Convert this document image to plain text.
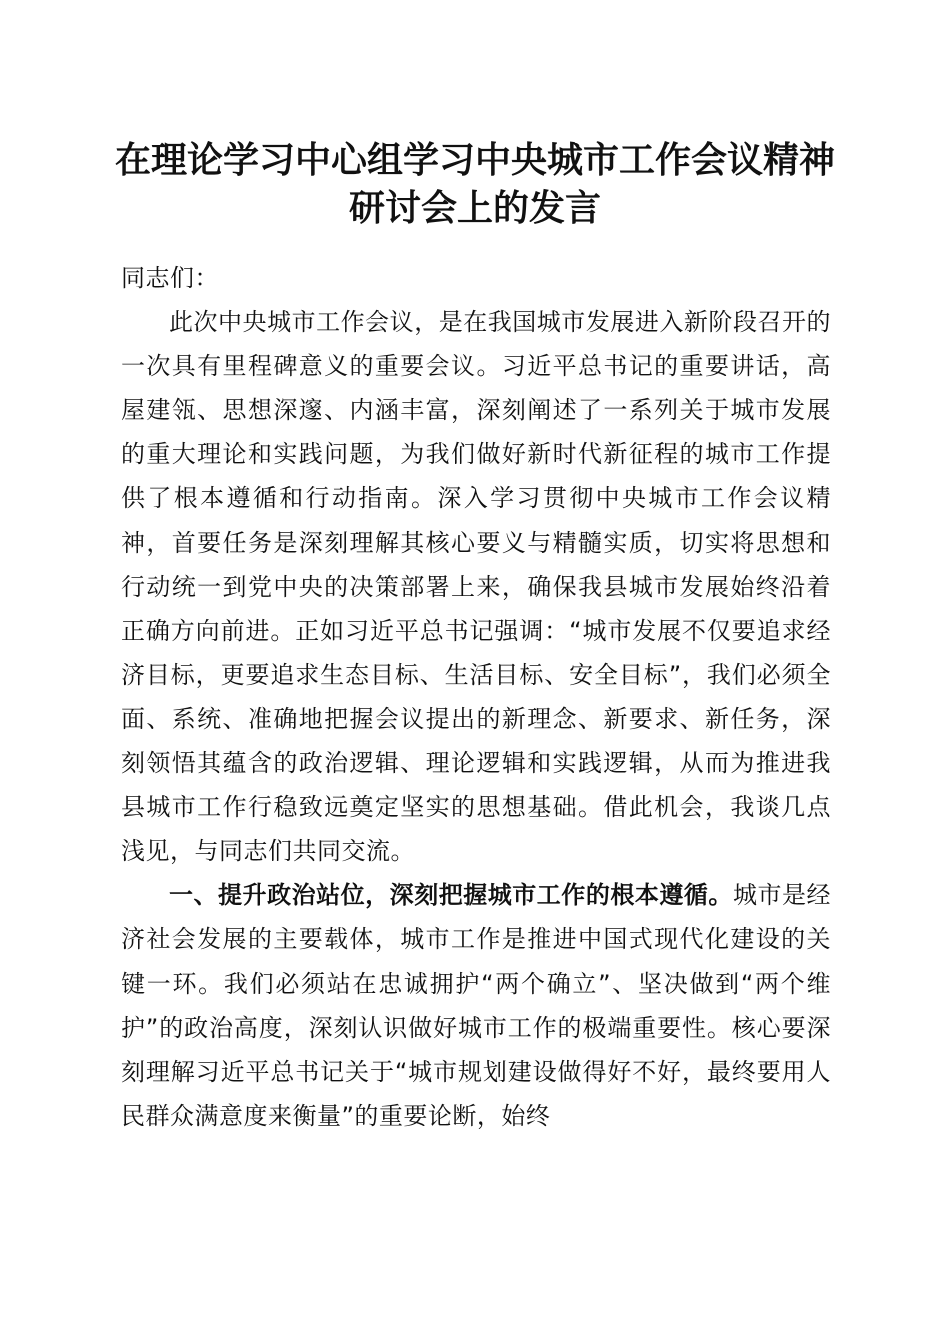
在理论学习中心组学习中央城市工作会议精神
研讨会上的发言

同志们：

此次中央城市工作会议，是在我国城市发展进入新阶段召开的一次具有里程碑意义的重要会议。习近平总书记的重要讲话，高屋建瓴、思想深邃、内涵丰富，深刻阐述了一系列关于城市发展的重大理论和实践问题，为我们做好新时代新征程的城市工作提供了根本遵循和行动指南。深入学习贯彻中央城市工作会议精神，首要任务是深刻理解其核心要义与精髓实质，切实将思想和行动统一到党中央的决策部署上来，确保我县城市发展始终沿着正确方向前进。正如习近平总书记强调：“城市发展不仅要追求经济目标，更要追求生态目标、生活目标、安全目标”，我们必须全面、系统、准确地把握会议提出的新理念、新要求、新任务，深刻领悟其蕴含的政治逻辑、理论逻辑和实践逻辑，从而为推进我县城市工作行稳致远奠定坚实的思想基础。借此机会，我谈几点浅见，与同志们共同交流。

一、提升政治站位，深刻把握城市工作的根本遵循。城市是经济社会发展的主要载体，城市工作是推进中国式现代化建设的关键一环。我们必须站在忠诚拥护“两个确立”、坚决做到“两个维护”的政治高度，深刻认识做好城市工作的极端重要性。核心要深刻理解习近平总书记关于“城市规划建设做得好不好，最终要用人民群众满意度来衡量”的重要论断，始终
